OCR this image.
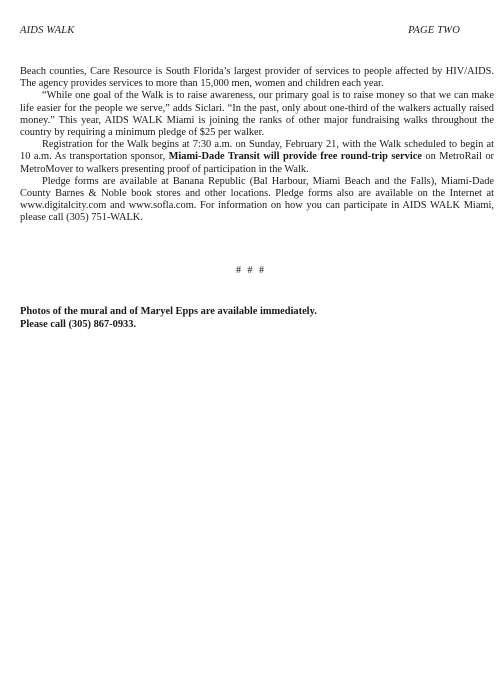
AIDS WALK	PAGE TWO

Beach counties, Care Resource is South Florida’s largest provider of services to people affected by HIV/AIDS. The agency provides services to more than 15,000 men, women and children each year.

“While one goal of the Walk is to raise awareness, our primary goal is to raise money so that we can make life easier for the people we serve,” adds Siclari. “In the past, only about one-third of the walkers actually raised money.” This year, AIDS WALK Miami is joining the ranks of other major fundraising walks throughout the country by requiring a minimum pledge of $25 per walker.

Registration for the Walk begins at 7:30 a.m. on Sunday, February 21, with the Walk scheduled to begin at 10 a.m. As transportation sponsor, Miami-Dade Transit will provide free round-trip service on MetroRail or MetroMover to walkers presenting proof of participation in the Walk.

Pledge forms are available at Banana Republic (Bal Harbour, Miami Beach and the Falls), Miami-Dade County Barnes & Noble book stores and other locations. Pledge forms also are available on the Internet at www.digitalcity.com and www.sofla.com. For information on how you can participate in AIDS WALK Miami, please call (305) 751-WALK.

# # #
Photos of the mural and of Maryel Epps are available immediately.
Please call (305) 867-0933.
